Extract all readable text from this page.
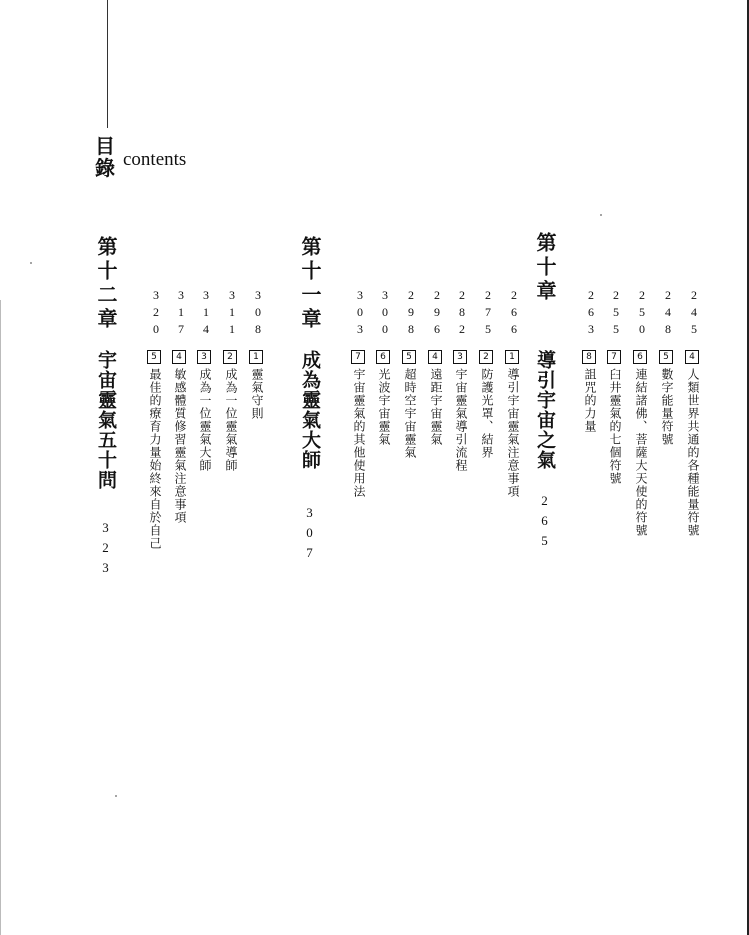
目錄 contents
245
4
人類世界共通的各種能量符號
248
5
數字能量符號
250
6
連結諸佛、菩薩大天使的符號
255
7
臼井靈氣的七個符號
263
8
詛咒的力量
第十章
導引宇宙之氣
265
266
1
導引宇宙靈氣注意事項
275
2
防護光罩、結界
282
3
宇宙靈氣導引流程
296
4
遠距宇宙靈氣
298
5
超時空宇宙靈氣
300
6
光波宇宙靈氣
303
7
宇宙靈氣的其他使用法
第十一章
成為靈氣大師
307
308
1
靈氣守則
311
2
成為一位靈氣導師
314
3
成為一位靈氣大師
317
4
敏感體質修習靈氣注意事項
320
5
最佳的療育力量始終來自於自己
第十二章
宇宙靈氣五十問
323
